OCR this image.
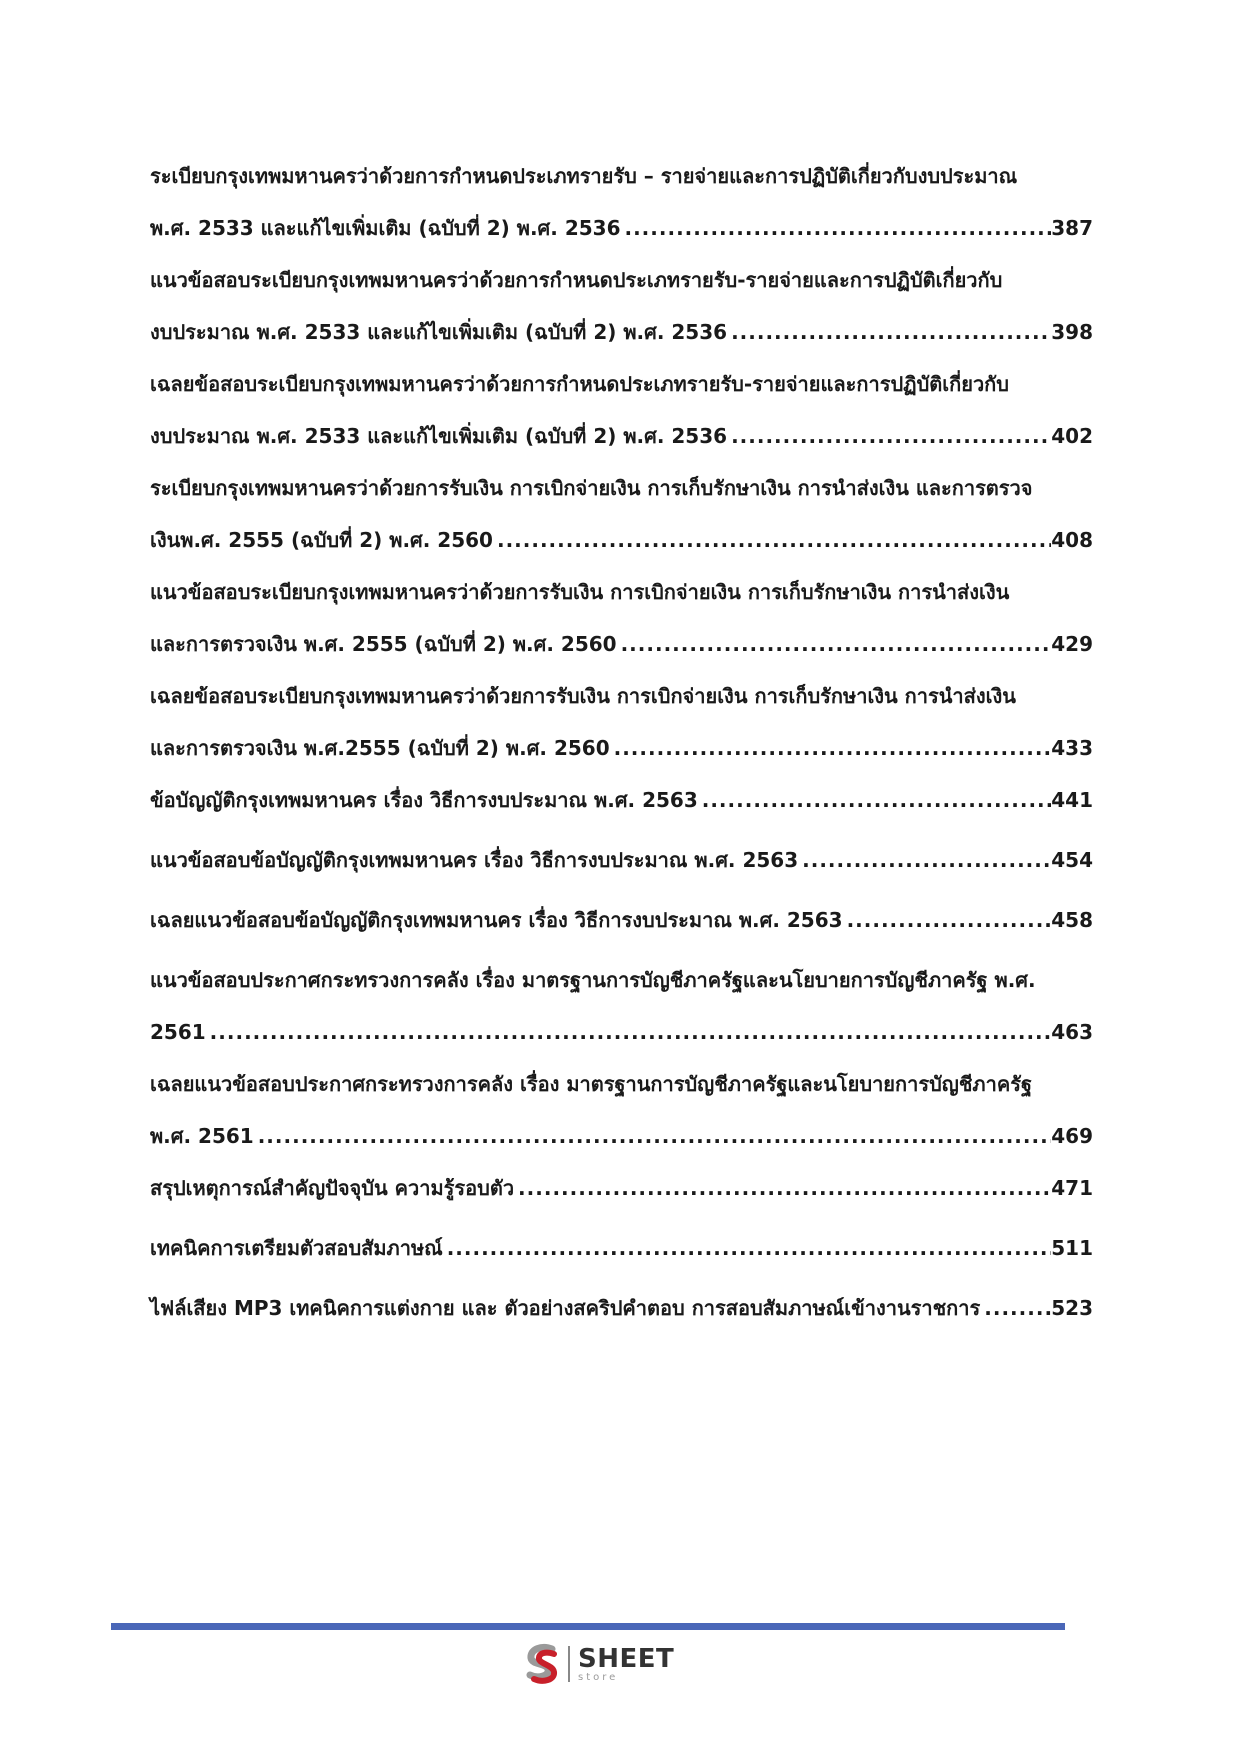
ระเบียบกรุงเทพมหานครว่าด้วยการกำหนดประเภทรายรับ – รายจ่ายและการปฏิบัติเกี่ยวกับงบประมาณ
พ.ศ. 2533 และแก้ไขเพิ่มเติม (ฉบับที่ 2) พ.ศ. 2536 .....	387
แนวข้อสอบระเบียบกรุงเทพมหานครว่าด้วยการกำหนดประเภทรายรับ-รายจ่ายและการปฏิบัติเกี่ยวกับ
งบประมาณ พ.ศ. 2533 และแก้ไขเพิ่มเติม (ฉบับที่ 2) พ.ศ. 2536 .....	398
เฉลยข้อสอบระเบียบกรุงเทพมหานครว่าด้วยการกำหนดประเภทรายรับ-รายจ่ายและการปฏิบัติเกี่ยวกับ
งบประมาณ พ.ศ. 2533 และแก้ไขเพิ่มเติม (ฉบับที่ 2) พ.ศ. 2536 .....	402
ระเบียบกรุงเทพมหานครว่าด้วยการรับเงิน การเบิกจ่ายเงิน การเก็บรักษาเงิน การนำส่งเงิน และการตรวจ
เงินพ.ศ. 2555 (ฉบับที่ 2) พ.ศ. 2560 .....	408
แนวข้อสอบระเบียบกรุงเทพมหานครว่าด้วยการรับเงิน การเบิกจ่ายเงิน การเก็บรักษาเงิน การนำส่งเงิน
และการตรวจเงิน พ.ศ. 2555 (ฉบับที่ 2) พ.ศ. 2560 .....	429
เฉลยข้อสอบระเบียบกรุงเทพมหานครว่าด้วยการรับเงิน การเบิกจ่ายเงิน การเก็บรักษาเงิน การนำส่งเงิน
และการตรวจเงิน พ.ศ.2555 (ฉบับที่ 2) พ.ศ. 2560 .....	433
ข้อบัญญัติกรุงเทพมหานคร เรื่อง วิธีการงบประมาณ พ.ศ. 2563 .....	441
แนวข้อสอบข้อบัญญัติกรุงเทพมหานคร เรื่อง วิธีการงบประมาณ พ.ศ. 2563 .....	454
เฉลยแนวข้อสอบข้อบัญญัติกรุงเทพมหานคร เรื่อง วิธีการงบประมาณ พ.ศ. 2563 .....	458
แนวข้อสอบประกาศกระทรวงการคลัง เรื่อง มาตรฐานการบัญชีภาครัฐและนโยบายการบัญชีภาครัฐ พ.ศ.
2561 .....	463
เฉลยแนวข้อสอบประกาศกระทรวงการคลัง เรื่อง มาตรฐานการบัญชีภาครัฐและนโยบายการบัญชีภาครัฐ
พ.ศ. 2561 .....	469
สรุปเหตุการณ์สำคัญปัจจุบัน ความรู้รอบตัว .....	471
เทคนิคการเตรียมตัวสอบสัมภาษณ์ .....	511
ไฟล์เสียง MP3 เทคนิคการแต่งกาย และ ตัวอย่างสคริปคำตอบ การสอบสัมภาษณ์เข้างานราชการ .....	523
SHEET
store
